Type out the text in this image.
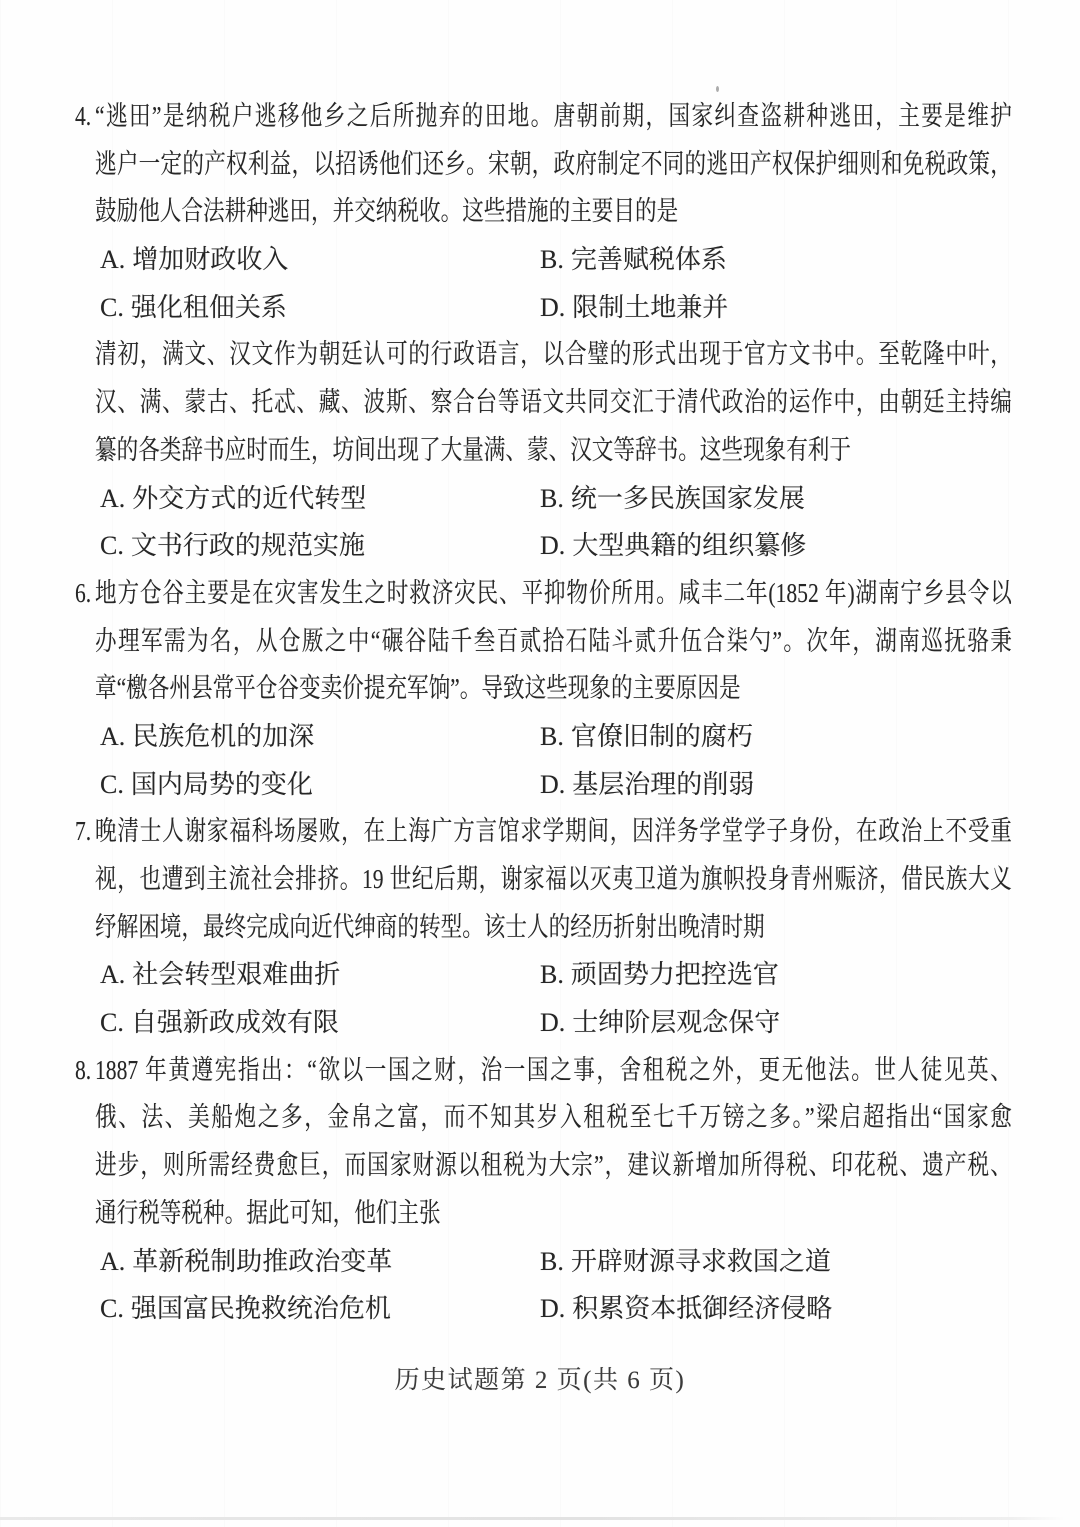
4. “逃田”是纳税户逃移他乡之后所抛弃的田地。唐朝前期，国家纠查盗耕种逃田，主要是维护
逃户一定的产权利益，以招诱他们还乡。宋朝，政府制定不同的逃田产权保护细则和免税政策，
鼓励他人合法耕种逃田，并交纳税收。这些措施的主要目的是
A. 增加财政收入	B. 完善赋税体系
C. 强化租佃关系	D. 限制土地兼并
清初，满文、汉文作为朝廷认可的行政语言，以合璧的形式出现于官方文书中。至乾隆中叶，
汉、满、蒙古、托忒、藏、波斯、察合台等语文共同交汇于清代政治的运作中，由朝廷主持编
纂的各类辞书应时而生，坊间出现了大量满、蒙、汉文等辞书。这些现象有利于
A. 外交方式的近代转型	B. 统一多民族国家发展
C. 文书行政的规范实施	D. 大型典籍的组织纂修
6. 地方仓谷主要是在灾害发生之时救济灾民、平抑物价所用。咸丰二年(1852 年)湖南宁乡县令以
办理军需为名，从仓厫之中“碾谷陆千叁百贰拾石陆斗贰升伍合柒勺”。次年，湖南巡抚骆秉
章“檄各州县常平仓谷变卖价提充军饷”。导致这些现象的主要原因是
A. 民族危机的加深	B. 官僚旧制的腐朽
C. 国内局势的变化	D. 基层治理的削弱
7. 晚清士人谢家福科场屡败，在上海广方言馆求学期间，因洋务学堂学子身份，在政治上不受重
视，也遭到主流社会排挤。19 世纪后期，谢家福以灭夷卫道为旗帜投身青州赈济，借民族大义
纾解困境，最终完成向近代绅商的转型。该士人的经历折射出晚清时期
A. 社会转型艰难曲折	B. 顽固势力把控选官
C. 自强新政成效有限	D. 士绅阶层观念保守
8. 1887 年黄遵宪指出：“欲以一国之财，治一国之事，舍租税之外，更无他法。世人徒见英、
俄、法、美船炮之多，金帛之富，而不知其岁入租税至七千万镑之多。”梁启超指出“国家愈
进步，则所需经费愈巨，而国家财源以租税为大宗”，建议新增加所得税、印花税、遗产税、
通行税等税种。据此可知，他们主张
A. 革新税制助推政治变革	B. 开辟财源寻求救国之道
C. 强国富民挽救统治危机	D. 积累资本抵御经济侵略
历史试题第 2 页(共 6 页)
